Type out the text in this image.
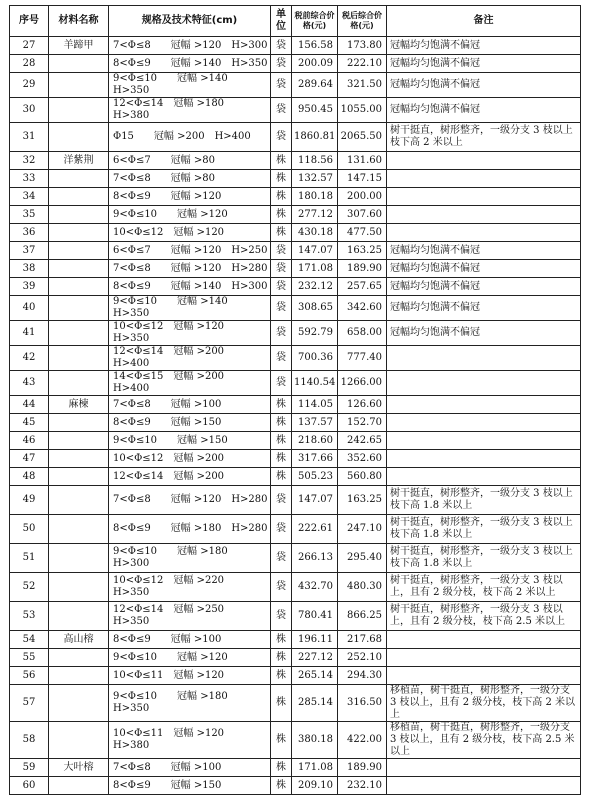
序号	材料名称	规格及技术特征(cm)	单位	税前综合价格(元)	税后综合价格(元)	备注
27	羊蹄甲	7<Φ≤8　　冠幅 >120　H>300	袋	156.58	173.80	冠幅均匀饱满不偏冠
28		8<Φ≤9　　冠幅 >140　H>350	袋	200.09	222.10	冠幅均匀饱满不偏冠
29		9<Φ≤10　　冠幅 >140　H>350	袋	289.64	321.50	冠幅均匀饱满不偏冠
30		12<Φ≤14　冠幅 >180　H>380	袋	950.45	1055.00	冠幅均匀饱满不偏冠
31		Φ15　　冠幅 >200　H>400	袋	1860.81	2065.50	树干挺直，树形整齐，一级分支 3 枝以上枝下高 2 米以上
32	洋紫荆	6<Φ≤7　　冠幅 >80	株	118.56	131.60	
33		7<Φ≤8　　冠幅 >80	株	132.57	147.15	
34		8<Φ≤9　　冠幅 >120	株	180.18	200.00	
35		9<Φ≤10　　冠幅 >120	株	277.12	307.60	
36		10<Φ≤12　冠幅 >120	株	430.18	477.50	
37		6<Φ≤7　　冠幅 >120　H>250	袋	147.07	163.25	冠幅均匀饱满不偏冠
38		7<Φ≤8　　冠幅 >120　H>280	袋	171.08	189.90	冠幅均匀饱满不偏冠
39		8<Φ≤9　　冠幅 >140　H>300	袋	232.12	257.65	冠幅均匀饱满不偏冠
40		9<Φ≤10　　冠幅 >140　H>350	袋	308.65	342.60	冠幅均匀饱满不偏冠
41		10<Φ≤12　冠幅 >120　H>350	袋	592.79	658.00	冠幅均匀饱满不偏冠
42		12<Φ≤14　冠幅 >200　H>400	袋	700.36	777.40	
43		14<Φ≤15　冠幅 >200　H>400	袋	1140.54	1266.00	
44	麻楝	7<Φ≤8　　冠幅 >100	株	114.05	126.60	
45		8<Φ≤9　　冠幅 >150	株	137.57	152.70	
46		9<Φ≤10　　冠幅 >150	株	218.60	242.65	
47		10<Φ≤12　冠幅 >200	株	317.66	352.60	
48		12<Φ≤14　冠幅 >200	株	505.23	560.80	
49		7<Φ≤8　　冠幅 >120　H>280	袋	147.07	163.25	树干挺直，树形整齐，一级分支 3 枝以上枝下高 1.8 米以上
50		8<Φ≤9　　冠幅 >180　H>280	袋	222.61	247.10	树干挺直，树形整齐，一级分支 3 枝以上枝下高 1.8 米以上
51		9<Φ≤10　　冠幅 >180　H>300	袋	266.13	295.40	树干挺直，树形整齐，一级分支 3 枝以上枝下高 1.8 米以上
52		10<Φ≤12　冠幅 >220　H>350	袋	432.70	480.30	树干挺直，树形整齐，一级分支 3 枝以上，且有 2 级分枝，枝下高 2 米以上
53		12<Φ≤14　冠幅 >250　H>350	袋	780.41	866.25	树干挺直，树形整齐，一级分支 3 枝以上，且有 2 级分枝，枝下高 2.5 米以上
54	高山榕	8<Φ≤9　　冠幅 >100	株	196.11	217.68	
55		9<Φ≤10　　冠幅 >120	株	227.12	252.10	
56		10<Φ≤11　冠幅 >120	株	265.14	294.30	
57		9<Φ≤10　　冠幅 >180　H>350	株	285.14	316.50	移植苗，树干挺直，树形整齐，一级分支 3 枝以上，且有 2 级分枝，枝下高 2 米以上
58		10<Φ≤11　冠幅 >120　H>380	株	380.18	422.00	移植苗，树干挺直，树形整齐，一级分支 3 枝以上，且有 2 级分枝，枝下高 2.5 米以上
59	大叶榕	7<Φ≤8　　冠幅 >100	株	171.08	189.90	
60		8<Φ≤9　　冠幅 >150	株	209.10	232.10	
